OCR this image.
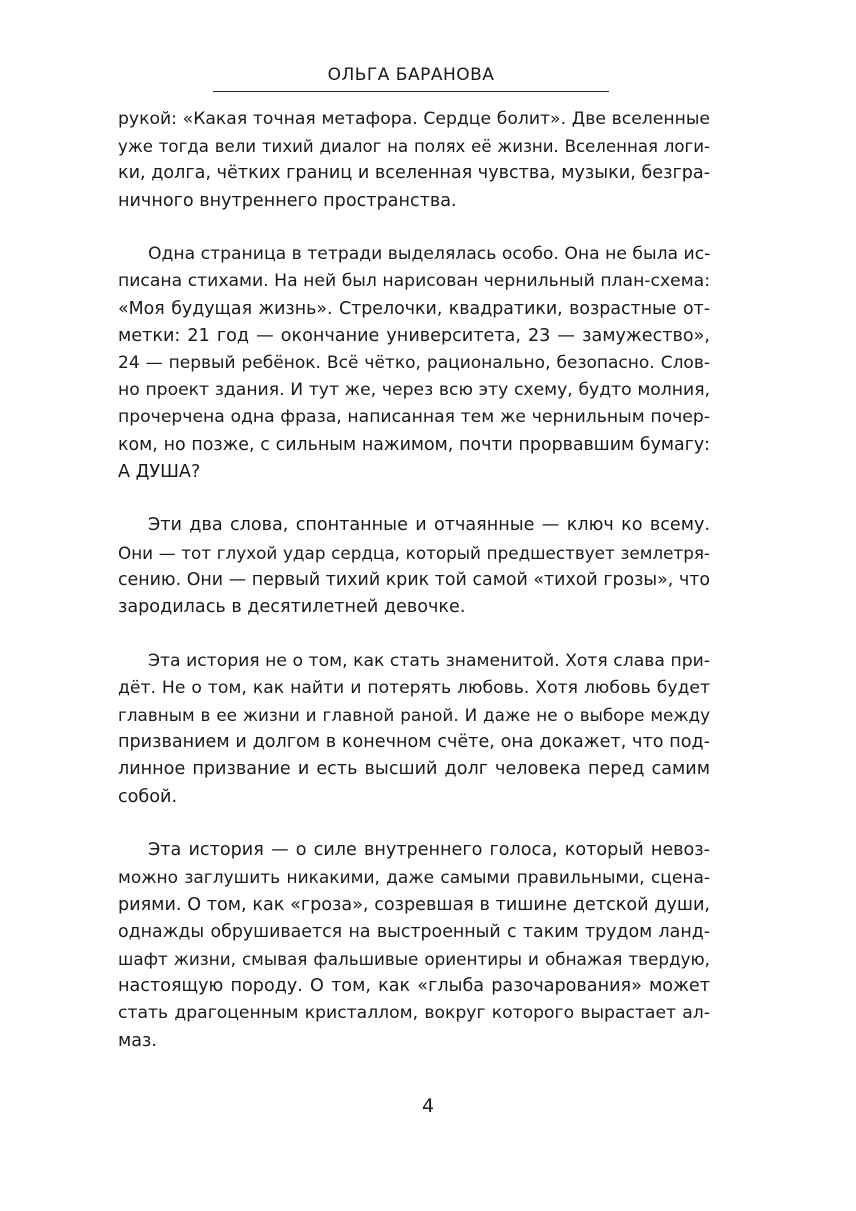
ОЛЬГА БАРАНОВА
рукой: «Какая точная метафора. Сердце болит». Две вселенные
уже тогда вели тихий диалог на полях её жизни. Вселенная логи-
ки, долга, чётких границ и вселенная чувства, музыки, безгра-
ничного внутреннего пространства.
Одна страница в тетради выделялась особо. Она не была ис-
писана стихами. На ней был нарисован чернильный план-схема:
«Моя будущая жизнь». Стрелочки, квадратики, возрастные от-
метки: 21 год — окончание университета, 23 — замужество»,
24 — первый ребёнок. Всё чётко, рационально, безопасно. Слов-
но проект здания. И тут же, через всю эту схему, будто молния,
прочерчена одна фраза, написанная тем же чернильным почер-
ком, но позже, с сильным нажимом, почти прорвавшим бумагу:
А ДУША?
Эти два слова, спонтанные и отчаянные — ключ ко всему.
Они — тот глухой удар сердца, который предшествует землетря-
сению. Они — первый тихий крик той самой «тихой грозы», что
зародилась в десятилетней девочке.
Эта история не о том, как стать знаменитой. Хотя слава при-
дёт. Не о том, как найти и потерять любовь. Хотя любовь будет
главным в ее жизни и главной раной. И даже не о выборе между
призванием и долгом в конечном счёте, она докажет, что под-
линное призвание и есть высший долг человека перед самим
собой.
Эта история — о силе внутреннего голоса, который невоз-
можно заглушить никакими, даже самыми правильными, сцена-
риями. О том, как «гроза», созревшая в тишине детской души,
однажды обрушивается на выстроенный с таким трудом ланд-
шафт жизни, смывая фальшивые ориентиры и обнажая твердую,
настоящую породу. О том, как «глыба разочарования» может
стать драгоценным кристаллом, вокруг которого вырастает ал-
маз.
4
